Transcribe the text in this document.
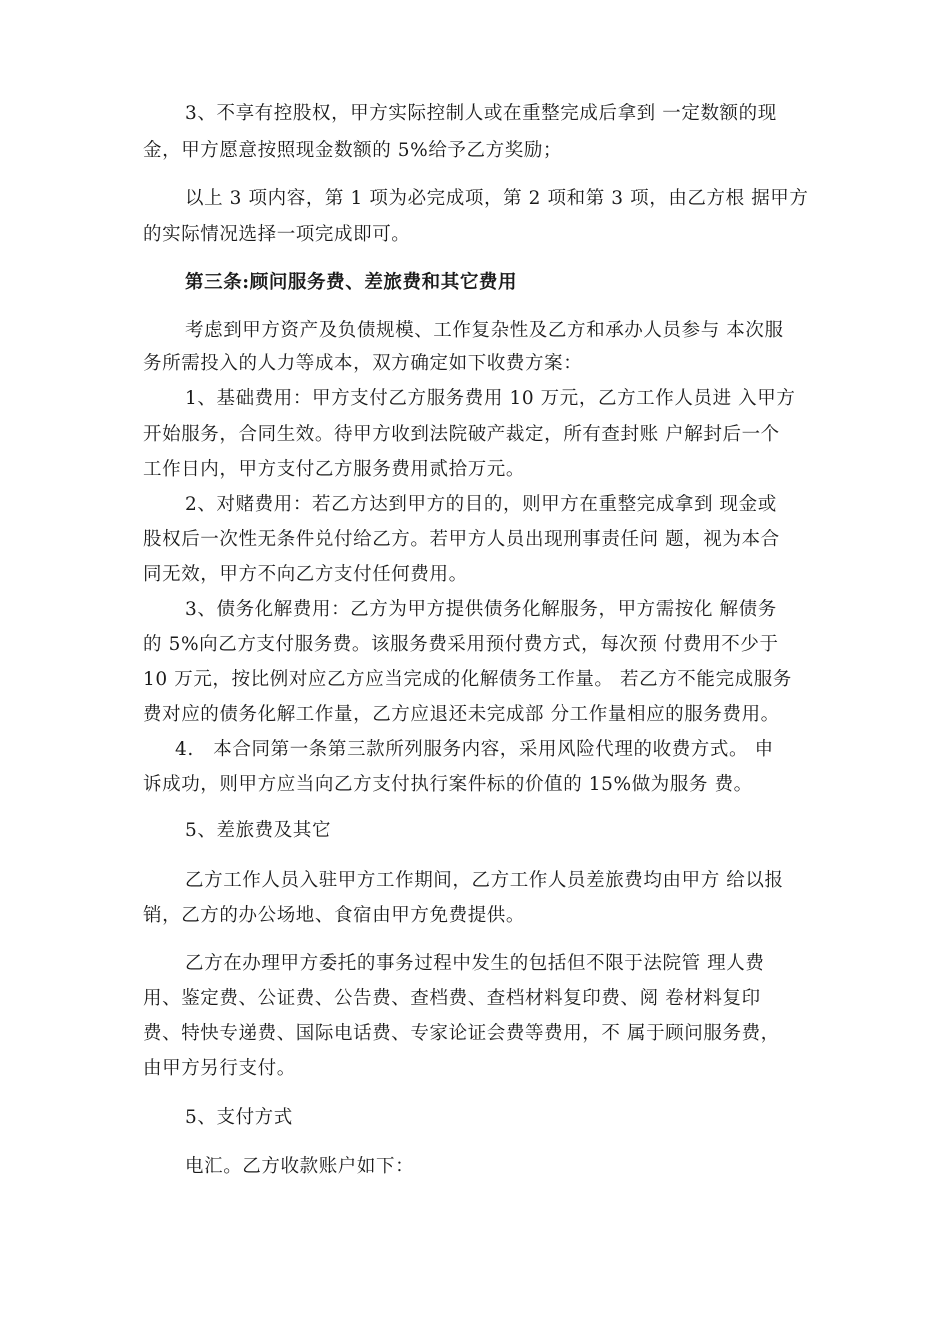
3、不享有控股权，甲方实际控制人或在重整完成后拿到 一定数额的现
金，甲方愿意按照现金数额的 5%给予乙方奖励；
以上 3 项内容，第 1 项为必完成项，第 2 项和第 3 项，由乙方根 据甲方
的实际情况选择一项完成即可。
第三条:顾问服务费、差旅费和其它费用
考虑到甲方资产及负债规模、工作复杂性及乙方和承办人员参与 本次服
务所需投入的人力等成本，双方确定如下收费方案：
1、基础费用：甲方支付乙方服务费用 10 万元，乙方工作人员进 入甲方
开始服务，合同生效。待甲方收到法院破产裁定，所有查封账 户解封后一个
工作日内，甲方支付乙方服务费用贰拾万元。
2、对赌费用：若乙方达到甲方的目的，则甲方在重整完成拿到 现金或
股权后一次性无条件兑付给乙方。若甲方人员出现刑事责任问 题，视为本合
同无效，甲方不向乙方支付任何费用。
3、债务化解费用：乙方为甲方提供债务化解服务，甲方需按化 解债务
的 5%向乙方支付服务费。该服务费采用预付费方式，每次预 付费用不少于
10 万元，按比例对应乙方应当完成的化解债务工作量。 若乙方不能完成服务
费对应的债务化解工作量，乙方应退还未完成部 分工作量相应的服务费用。
4.   本合同第一条第三款所列服务内容，采用风险代理的收费方式。 申
诉成功，则甲方应当向乙方支付执行案件标的价值的 15%做为服务 费。
5、差旅费及其它
乙方工作人员入驻甲方工作期间，乙方工作人员差旅费均由甲方 给以报
销，乙方的办公场地、食宿由甲方免费提供。
乙方在办理甲方委托的事务过程中发生的包括但不限于法院管 理人费
用、鉴定费、公证费、公告费、查档费、查档材料复印费、阅 卷材料复印
费、特快专递费、国际电话费、专家论证会费等费用，不 属于顾问服务费，
由甲方另行支付。
5、支付方式
电汇。乙方收款账户如下：
